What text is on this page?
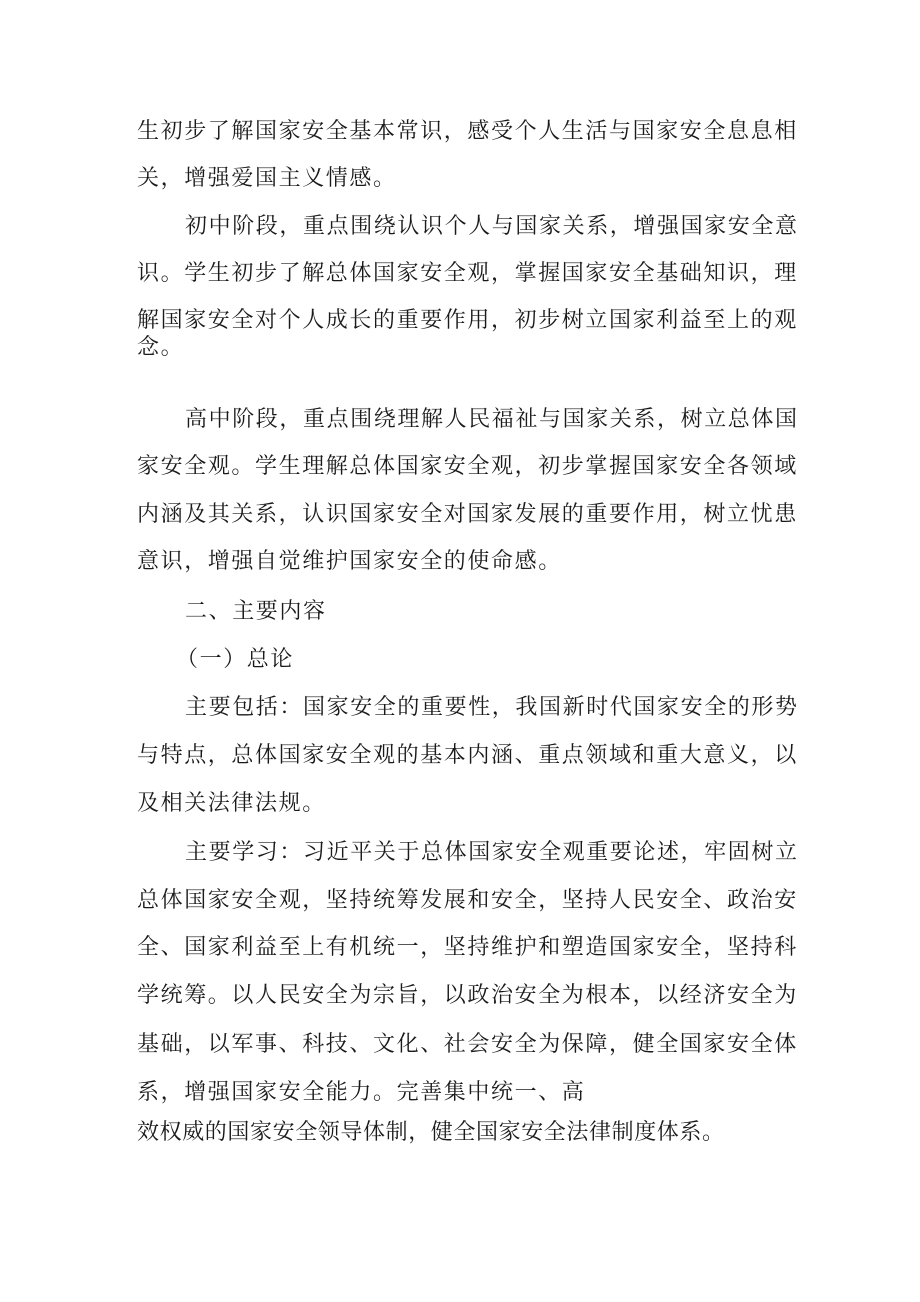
生初步了解国家安全基本常识，感受个人生活与国家安全息息相
关，增强爱国主义情感。
初中阶段，重点围绕认识个人与国家关系，增强国家安全意
识。学生初步了解总体国家安全观，掌握国家安全基础知识，理
解国家安全对个人成长的重要作用，初步树立国家利益至上的观
念。
高中阶段，重点围绕理解人民福祉与国家关系，树立总体国
家安全观。学生理解总体国家安全观，初步掌握国家安全各领域
内涵及其关系，认识国家安全对国家发展的重要作用，树立忧患
意识，增强自觉维护国家安全的使命感。
二、主要内容
（一）总论
主要包括：国家安全的重要性，我国新时代国家安全的形势
与特点，总体国家安全观的基本内涵、重点领域和重大意义，以
及相关法律法规。
主要学习：习近平关于总体国家安全观重要论述，牢固树立
总体国家安全观，坚持统筹发展和安全，坚持人民安全、政治安
全、国家利益至上有机统一，坚持维护和塑造国家安全，坚持科
学统筹。以人民安全为宗旨，以政治安全为根本，以经济安全为
基础，以军事、科技、文化、社会安全为保障，健全国家安全体
系，增强国家安全能力。完善集中统一、高
效权威的国家安全领导体制，健全国家安全法律制度体系。
